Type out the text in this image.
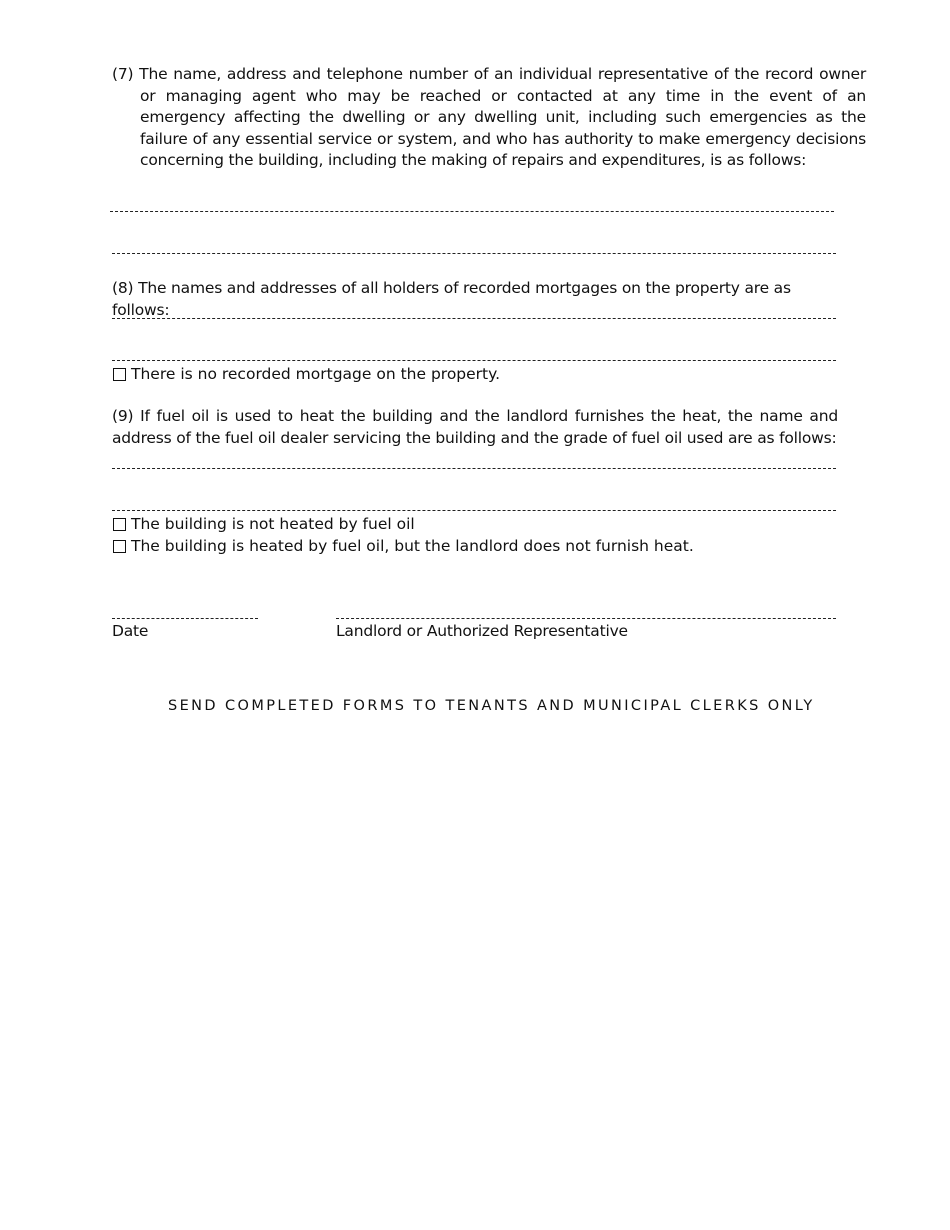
(7) The name, address and telephone number of an individual representative of the record owner or managing agent who may be reached or contacted at any time in the event of an emergency affecting the dwelling or any dwelling unit, including such emergencies as the failure of any essential service or system, and who has authority to make emergency decisions concerning the building, including the making of repairs and expenditures, is as follows:
(8) The names and addresses of all holders of recorded mortgages on the property are as follows:
There is no recorded mortgage on the property.
(9) If fuel oil is used to heat the building and the landlord furnishes the heat, the name and address of the fuel oil dealer servicing the building and the grade of fuel oil used are as follows:
The building is not heated by fuel oil
The building is heated by fuel oil, but the landlord does not furnish heat.
Date	Landlord or Authorized Representative
SEND COMPLETED FORMS TO TENANTS AND MUNICIPAL CLERKS ONLY
